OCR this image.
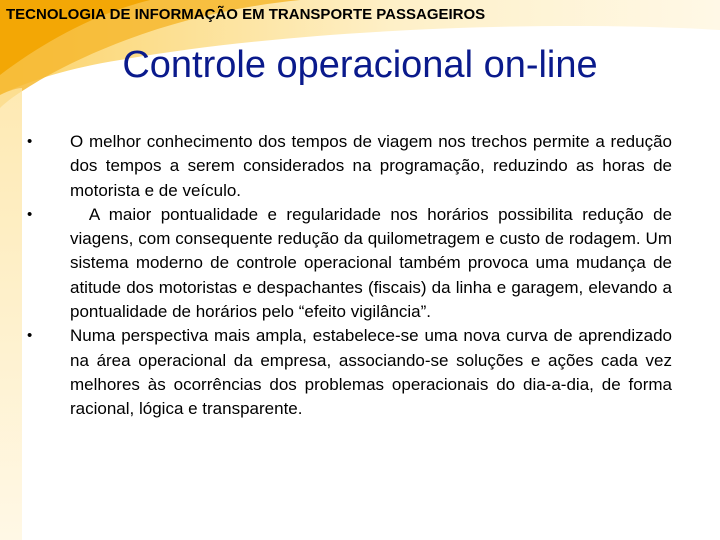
TECNOLOGIA DE INFORMAÇÃO EM TRANSPORTE PASSAGEIROS
Controle operacional on-line
• O melhor conhecimento dos tempos de viagem nos trechos permite a redução dos tempos a serem considerados na programação, reduzindo as horas de motorista e de veículo.
• A maior pontualidade e regularidade nos horários possibilita redução de viagens, com consequente redução da quilometragem e custo de rodagem. Um sistema moderno de controle operacional também provoca uma mudança de atitude dos motoristas e despachantes (fiscais) da linha e garagem, elevando a pontualidade de horários pelo “efeito vigilância”.
• Numa perspectiva mais ampla, estabelece-se uma nova curva de aprendizado na área operacional da empresa, associando-se soluções e ações cada vez melhores às ocorrências dos problemas operacionais do dia-a-dia, de forma racional, lógica e transparente.
